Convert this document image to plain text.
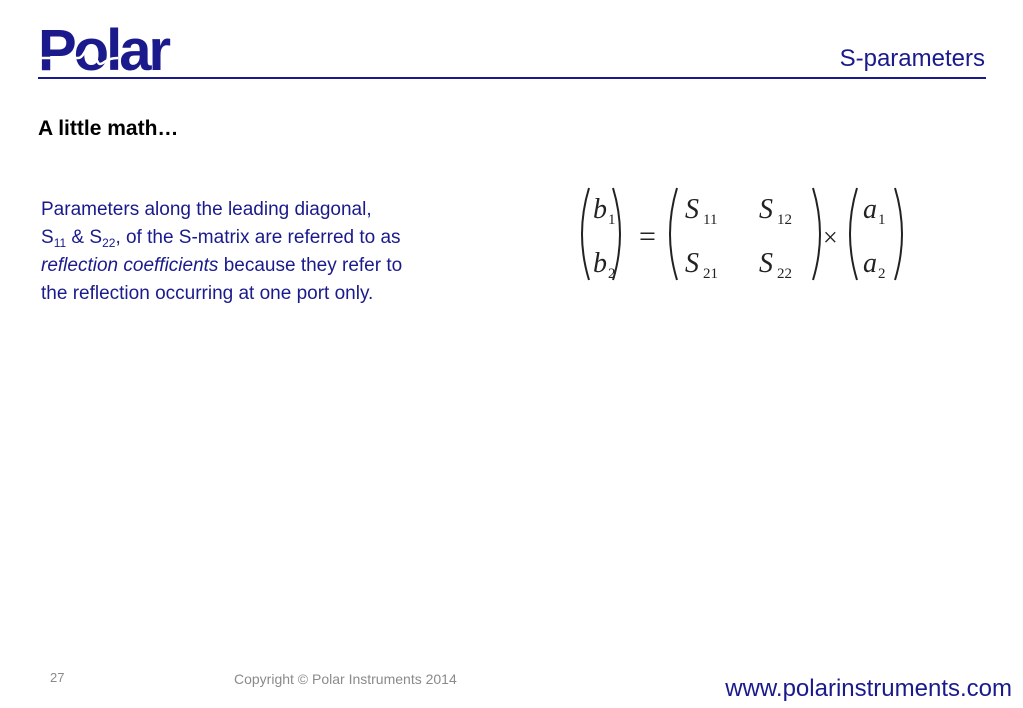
Polar	S-parameters
A little math…
Parameters along the leading diagonal,
$S_{11}$ & $S_{22}$, of the S-matrix are referred to as
reflection coefficients because they refer to
the reflection occurring at one port only.
b 1
b 2
=
S 11 S 12
S 21 S 22
×
a 1
a 2
27	Copyright © Polar Instruments 2014	www.polarinstruments.com
